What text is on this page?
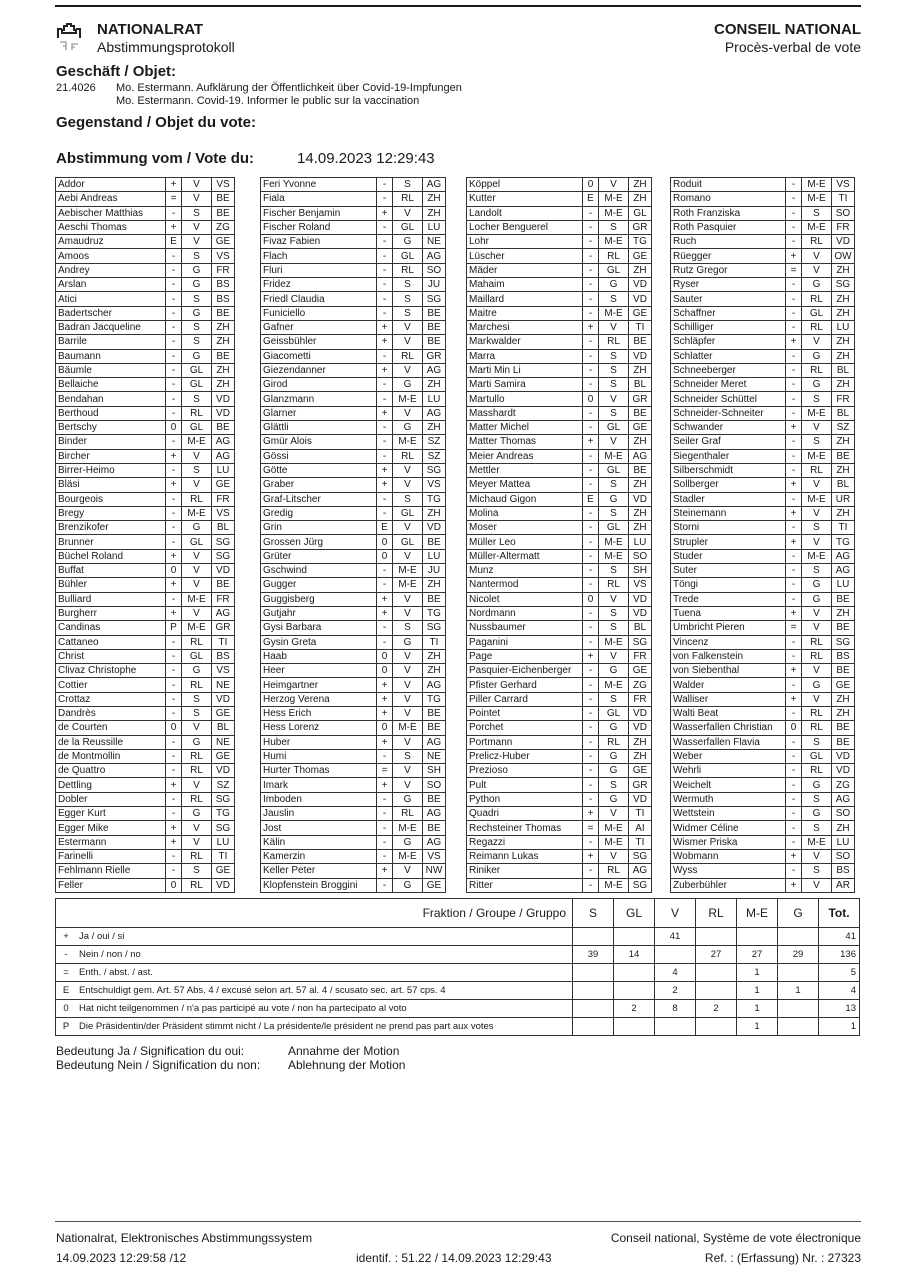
NATIONALRAT
Abstimmungsprotokoll
CONSEIL NATIONAL
Procès-verbal de vote
Geschäft / Objet:
21.4026 Mo. Estermann. Aufklärung der Öffentlichkeit über Covid-19-Impfungen
Mo. Estermann. Covid-19. Informer le public sur la vaccination
Gegenstand / Objet du vote:
Abstimmung vom / Vote du:	14.09.2023 12:29:43
Addor	+	V	VS
Aebi Andreas	=	V	BE
Aebischer Matthias	-	S	BE
Aeschi Thomas	+	V	ZG
Amaudruz	E	V	GE
Amoos	-	S	VS
Andrey	-	G	FR
Arslan	-	G	BS
Atici	-	S	BS
Badertscher	-	G	BE
Badran Jacqueline	-	S	ZH
Barrile	-	S	ZH
Baumann	-	G	BE
Bäumle	-	GL	ZH
Bellaiche	-	GL	ZH
Bendahan	-	S	VD
Berthoud	-	RL	VD
Bertschy	0	GL	BE
Binder	-	M-E	AG
Bircher	+	V	AG
Birrer-Heimo	-	S	LU
Bläsi	+	V	GE
Bourgeois	-	RL	FR
Bregy	-	M-E	VS
Brenzikofer	-	G	BL
Brunner	-	GL	SG
Büchel Roland	+	V	SG
Buffat	0	V	VD
Bühler	+	V	BE
Bulliard	-	M-E	FR
Burgherr	+	V	AG
Candinas	P	M-E	GR
Cattaneo	-	RL	TI
Christ	-	GL	BS
Clivaz Christophe	-	G	VS
Cottier	-	RL	NE
Crottaz	-	S	VD
Dandrès	-	S	GE
de Courten	0	V	BL
de la Reussille	-	G	NE
de Montmollin	-	RL	GE
de Quattro	-	RL	VD
Dettling	+	V	SZ
Dobler	-	RL	SG
Egger Kurt	-	G	TG
Egger Mike	+	V	SG
Estermann	+	V	LU
Farinelli	-	RL	TI
Fehlmann Rielle	-	S	GE
Feller	0	RL	VD
Feri Yvonne	-	S	AG
Fiala	-	RL	ZH
Fischer Benjamin	+	V	ZH
Fischer Roland	-	GL	LU
Fivaz Fabien	-	G	NE
Flach	-	GL	AG
Fluri	-	RL	SO
Fridez	-	S	JU
Friedl Claudia	-	S	SG
Funiciello	-	S	BE
Gafner	+	V	BE
Geissbühler	+	V	BE
Giacometti	-	RL	GR
Giezendanner	+	V	AG
Girod	-	G	ZH
Glanzmann	-	M-E	LU
Glarner	+	V	AG
Glättli	-	G	ZH
Gmür Alois	-	M-E	SZ
Gössi	-	RL	SZ
Götte	+	V	SG
Graber	+	V	VS
Graf-Litscher	-	S	TG
Gredig	-	GL	ZH
Grin	E	V	VD
Grossen Jürg	0	GL	BE
Grüter	0	V	LU
Gschwind	-	M-E	JU
Gugger	-	M-E	ZH
Guggisberg	+	V	BE
Gutjahr	+	V	TG
Gysi Barbara	-	S	SG
Gysin Greta	-	G	TI
Haab	0	V	ZH
Heer	0	V	ZH
Heimgartner	+	V	AG
Herzog Verena	+	V	TG
Hess Erich	+	V	BE
Hess Lorenz	0	M-E	BE
Huber	+	V	AG
Humi	-	S	NE
Hurter Thomas	=	V	SH
Imark	+	V	SO
Imboden	-	G	BE
Jauslin	-	RL	AG
Jost	-	M-E	BE
Kälin	-	G	AG
Kamerzin	-	M-E	VS
Keller Peter	+	V	NW
Klopfenstein Broggini	-	G	GE
Köppel	0	V	ZH
Kutter	E	M-E	ZH
Landolt	-	M-E	GL
Locher Benguerel	-	S	GR
Lohr	-	M-E	TG
Lüscher	-	RL	GE
Mäder	-	GL	ZH
Mahaim	-	G	VD
Maillard	-	S	VD
Maitre	-	M-E	GE
Marchesi	+	V	TI
Markwalder	-	RL	BE
Marra	-	S	VD
Marti Min Li	-	S	ZH
Marti Samira	-	S	BL
Martullo	0	V	GR
Masshardt	-	S	BE
Matter Michel	-	GL	GE
Matter Thomas	+	V	ZH
Meier Andreas	-	M-E	AG
Mettler	-	GL	BE
Meyer Mattea	-	S	ZH
Michaud Gigon	E	G	VD
Molina	-	S	ZH
Moser	-	GL	ZH
Müller Leo	-	M-E	LU
Müller-Altermatt	-	M-E	SO
Munz	-	S	SH
Nantermod	-	RL	VS
Nicolet	0	V	VD
Nordmann	-	S	VD
Nussbaumer	-	S	BL
Paganini	-	M-E	SG
Page	+	V	FR
Pasquier-Eichenberger	-	G	GE
Pfister Gerhard	-	M-E	ZG
Piller Carrard	-	S	FR
Pointet	-	GL	VD
Porchet	-	G	VD
Portmann	-	RL	ZH
Prelicz-Huber	-	G	ZH
Prezioso	-	G	GE
Pult	-	S	GR
Python	-	G	VD
Quadri	+	V	TI
Rechsteiner Thomas	=	M-E	AI
Regazzi	-	M-E	TI
Reimann Lukas	+	V	SG
Riniker	-	RL	AG
Ritter	-	M-E	SG
Roduit	-	M-E	VS
Romano	-	M-E	TI
Roth Franziska	-	S	SO
Roth Pasquier	-	M-E	FR
Ruch	-	RL	VD
Rüegger	+	V	OW
Rutz Gregor	=	V	ZH
Ryser	-	G	SG
Sauter	-	RL	ZH
Schaffner	-	GL	ZH
Schilliger	-	RL	LU
Schläpfer	+	V	ZH
Schlatter	-	G	ZH
Schneeberger	-	RL	BL
Schneider Meret	-	G	ZH
Schneider Schüttel	-	S	FR
Schneider-Schneiter	-	M-E	BL
Schwander	+	V	SZ
Seiler Graf	-	S	ZH
Siegenthaler	-	M-E	BE
Silberschmidt	-	RL	ZH
Sollberger	+	V	BL
Stadler	-	M-E	UR
Steinemann	+	V	ZH
Storni	-	S	TI
Strupler	+	V	TG
Studer	-	M-E	AG
Suter	-	S	AG
Töngi	-	G	LU
Trede	-	G	BE
Tuena	+	V	ZH
Umbricht Pieren	=	V	BE
Vincenz	-	RL	SG
von Falkenstein	-	RL	BS
von Siebenthal	+	V	BE
Walder	-	G	GE
Walliser	+	V	ZH
Walti Beat	-	RL	ZH
Wasserfallen Christian	0	RL	BE
Wasserfallen Flavia	-	S	BE
Weber	-	GL	VD
Wehrli	-	RL	VD
Weichelt	-	G	ZG
Wermuth	-	S	AG
Wettstein	-	G	SO
Widmer Céline	-	S	ZH
Wismer Priska	-	M-E	LU
Wobmann	+	V	SO
Wyss	-	S	BS
Zuberbühler	+	V	AR
	Fraktion / Groupe / Gruppo	S	GL	V	RL	M-E	G	Tot.
+	Ja / oui / si			41				41
-	Nein / non / no	39	14		27	27	29	136
=	Enth. / abst. / ast.			4		1		5
E	Entschuldigt gem. Art. 57 Abs. 4 / excusé selon art. 57 al. 4 / scusato sec. art. 57 cps. 4			2		1	1	4
0	Hat nicht teilgenommen / n'a pas participé au vote / non ha partecipato al voto		2	8	2	1		13
P	Die Präsidentin/der Präsident stimmt nicht / La présidente/le président ne prend pas part aux votes					1		1
Bedeutung Ja / Signification du oui:	Annahme der Motion
Bedeutung Nein / Signification du non: Ablehnung der Motion
Nationalrat, Elektronisches Abstimmungssystem	Conseil national, Système de vote électronique
14.09.2023 12:29:58 /12	identif. : 51.22 / 14.09.2023 12:29:43	Ref. : (Erfassung) Nr. : 27323
